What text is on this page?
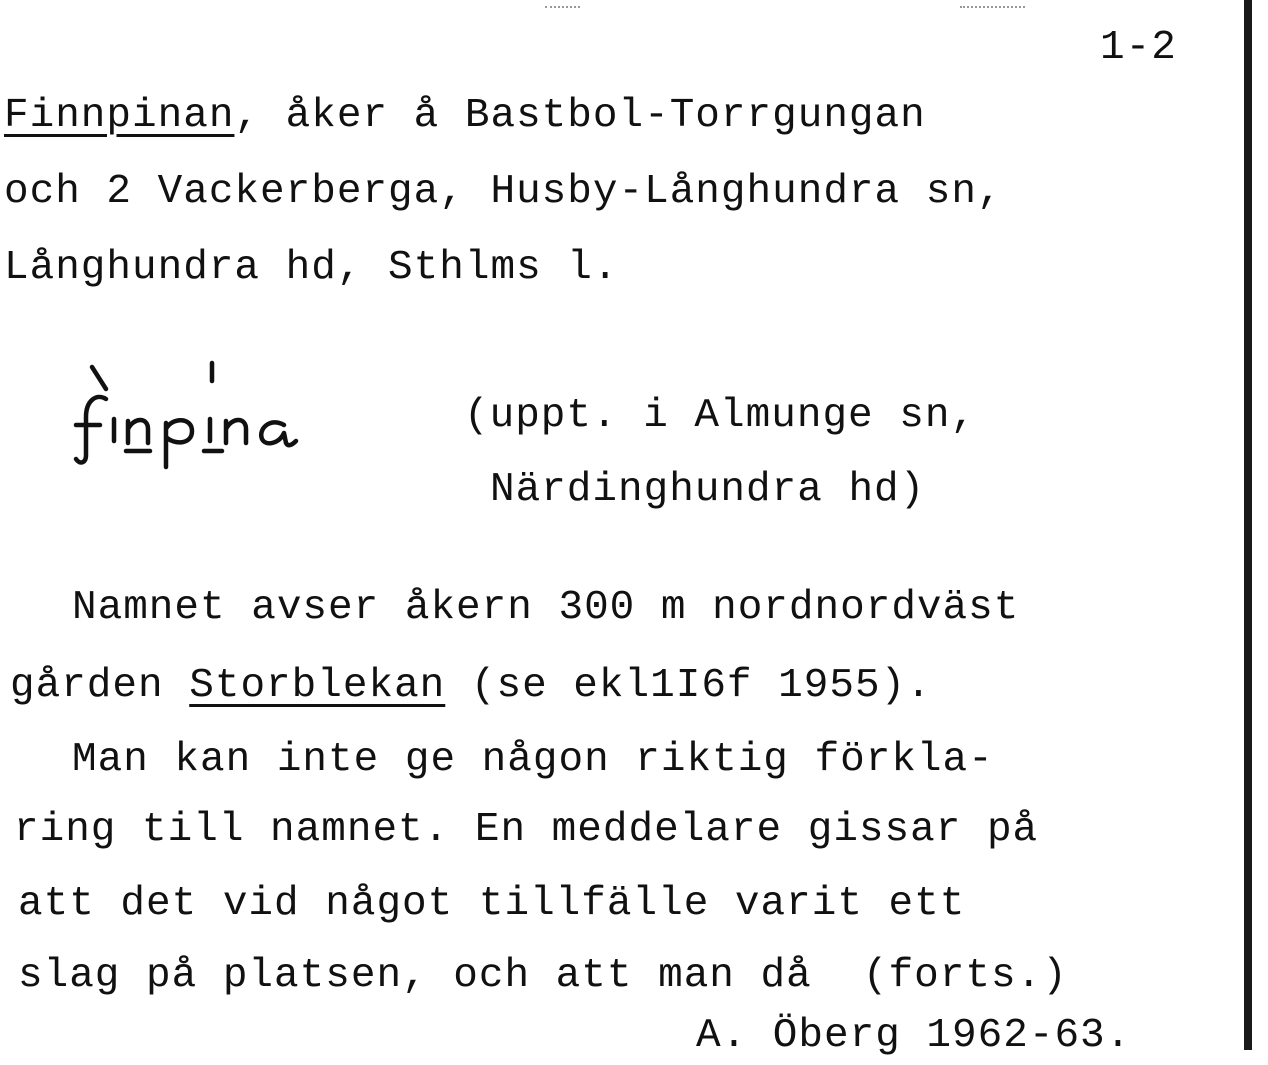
1-2
Finnpinan, åker å Bastbol-Torrgungan
och 2 Vackerberga, Husby-Långhundra sn,
Långhundra hd, Sthlms l.
(uppt. i Almunge sn,
Närdinghundra hd)
Namnet avser åkern 300 m nordnordväst
gården Storblekan (se ekl1I6f 1955).
Man kan inte ge någon riktig förkla-
ring till namnet. En meddelare gissar på
att det vid något tillfälle varit ett
slag på platsen, och att man då  (forts.)
A. Öberg 1962-63.
